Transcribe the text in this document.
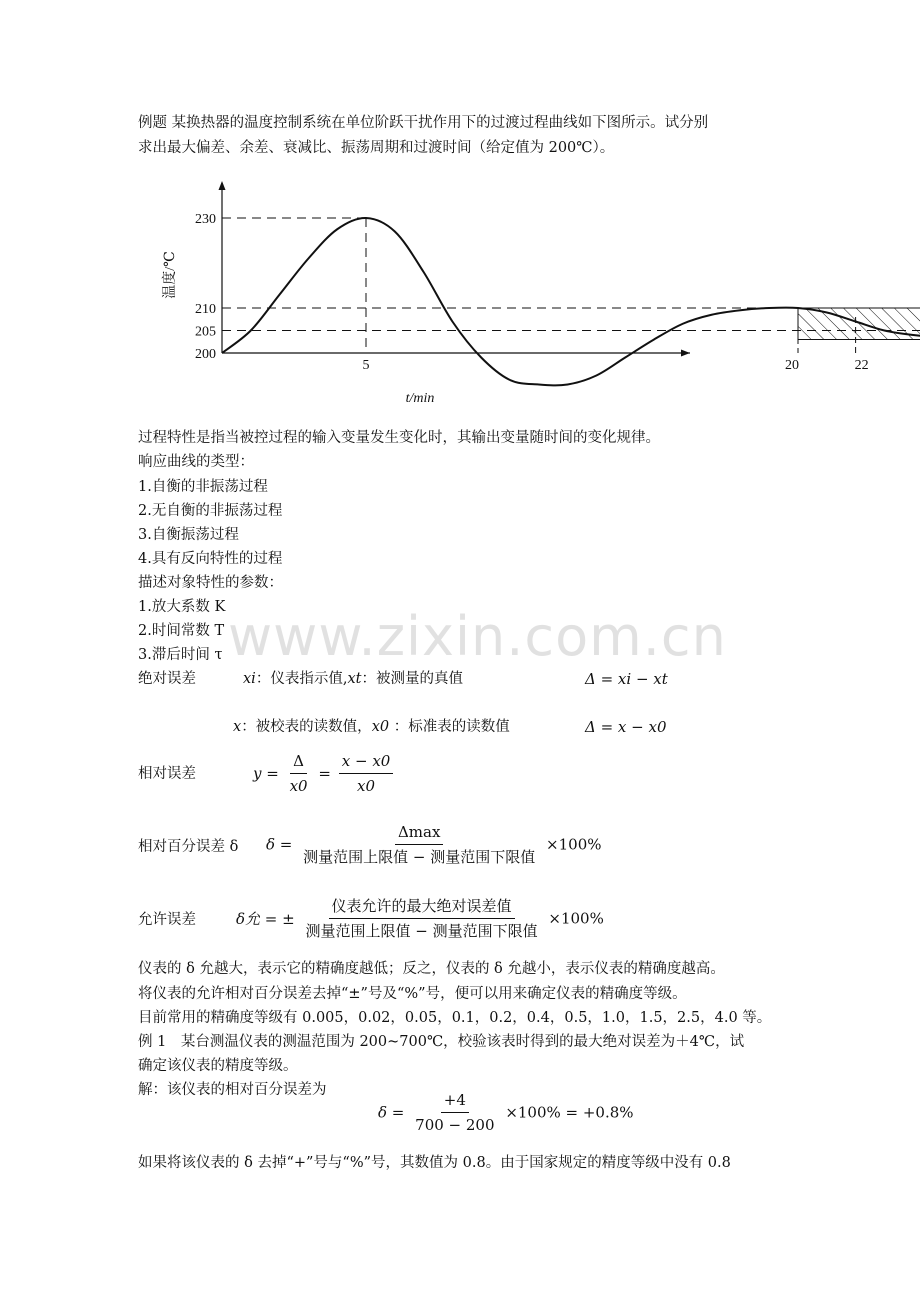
例题 某换热器的温度控制系统在单位阶跃干扰作用下的过渡过程曲线如下图所示。试分别
求出最大偏差、余差、衰减比、振荡周期和过渡时间（给定值为 200℃）。
200
205
210
230
5	20	22
t/min
温度/℃
过程特性是指当被控过程的输入变量发生变化时，其输出变量随时间的变化规律。
响应曲线的类型：
1.自衡的非振荡过程
2.无自衡的非振荡过程
3.自衡振荡过程
4.具有反向特性的过程
描述对象特性的参数：
1.放大系数 K
2.时间常数 T
3.滞后时间 τ
绝对误差	xi：仪表指示值,xt：被测量的真值	Δ = xi − xt
x：被校表的读数值，x0 ：标准表的读数值	Δ = x − x0
相对误差	$y = \frac{\Delta}{x0} = \frac{x - x0}{x0}$
相对百分误差 δ $\delta = \frac{\Delta\max}{\text{测量范围上限值 − 测量范围下限值}} \times 100\%$
允许误差	δ允 = ± $\frac{\text{仪表允许的最大绝对误差值}}{\text{测量范围上限值 − 测量范围下限值}} \times 100\%$
仪表的 δ 允越大，表示它的精确度越低；反之，仪表的 δ 允越小，表示仪表的精确度越高。
将仪表的允许相对百分误差去掉“±”号及“%”号，便可以用来确定仪表的精确度等级。
目前常用的精确度等级有 0.005，0.02，0.05，0.1，0.2，0.4，0.5，1.0，1.5，2.5，4.0 等。
例 1　某台测温仪表的测温范围为 200~700℃，校验该表时得到的最大绝对误差为＋4℃，试
确定该仪表的精度等级。
解：该仪表的相对百分误差为
$\delta = \frac{+4}{700 - 200} \times 100\% = +0.8\%$
如果将该仪表的 δ 去掉“+”号与“%”号，其数值为 0.8。由于国家规定的精度等级中没有 0.8
www.zixin.com.cn
